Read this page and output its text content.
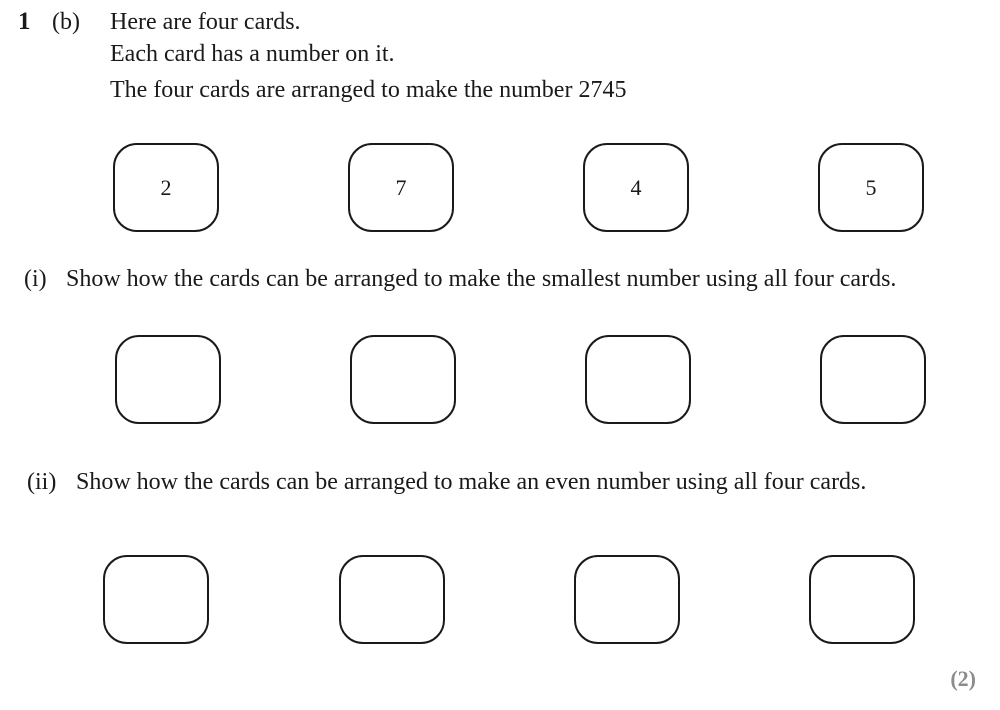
1 (b) Here are four cards.
Each card has a number on it.
The four cards are arranged to make the number 2745
2	7	4	5
(i) Show how the cards can be arranged to make the smallest number using all four cards.
(ii) Show how the cards can be arranged to make an even number using all four cards.
(2)
